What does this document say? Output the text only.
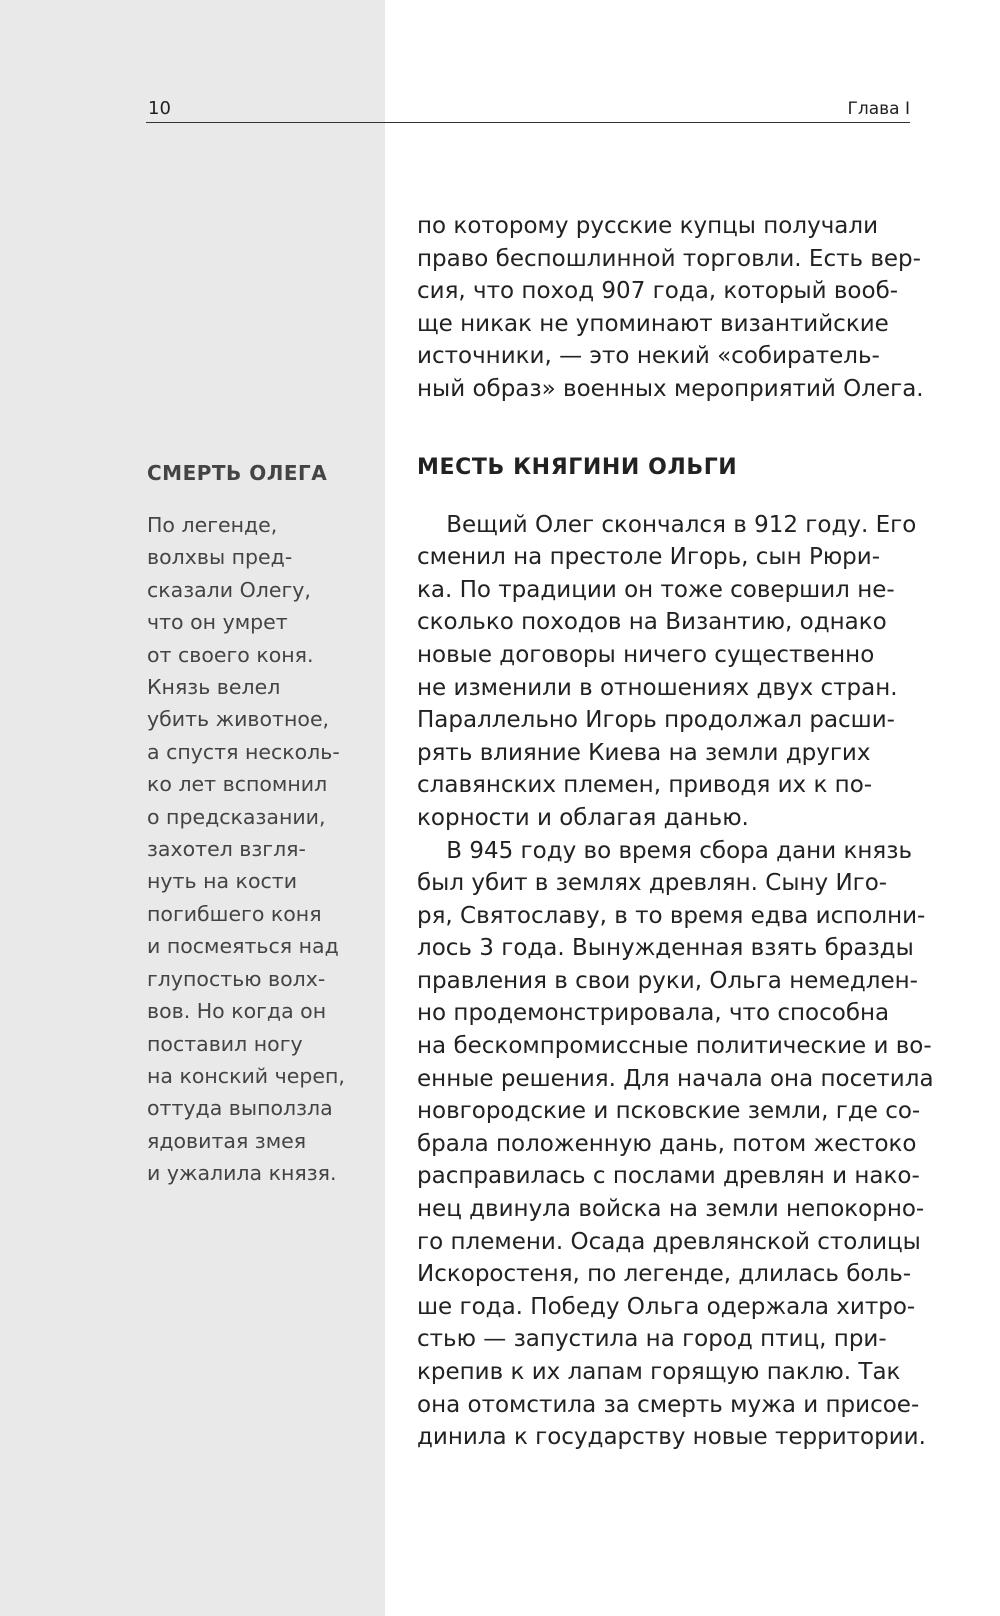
10	Глава I
СМЕРТЬ ОЛЕГА

По легенде,
волхвы пред-
сказали Олегу,
что он умрет
от своего коня.
Князь велел
убить животное,
а спустя несколь-
ко лет вспомнил
о предсказании,
захотел взгля-
нуть на кости
погибшего коня
и посмеяться над
глупостью волх-
вов. Но когда он
поставил ногу
на конский череп,
оттуда выползла
ядовитая змея
и ужалила князя.

по которому русские купцы получали
право беспошлинной торговли. Есть вер-
сия, что поход 907 года, который вооб-
ще никак не упоминают византийские
источники, — это некий «собиратель-
ный образ» военных мероприятий Олега.

МЕСТЬ КНЯГИНИ ОЛЬГИ

Вещий Олег скончался в 912 году. Его
сменил на престоле Игорь, сын Рюри-
ка. По традиции он тоже совершил не-
сколько походов на Византию, однако
новые договоры ничего существенно
не изменили в отношениях двух стран.
Параллельно Игорь продолжал расши-
рять влияние Киева на земли других
славянских племен, приводя их к по-
корности и облагая данью.

В 945 году во время сбора дани князь
был убит в землях древлян. Сыну Иго-
ря, Святославу, в то время едва исполни-
лось 3 года. Вынужденная взять бразды
правления в свои руки, Ольга немедлен-
но продемонстрировала, что способна
на бескомпромиссные политические и во-
енные решения. Для начала она посетила
новгородские и псковские земли, где со-
брала положенную дань, потом жестоко
расправилась с послами древлян и нако-
нец двинула войска на земли непокорно-
го племени. Осада древлянской столицы
Искоростеня, по легенде, длилась боль-
ше года. Победу Ольга одержала хитро-
стью — запустила на город птиц, при-
крепив к их лапам горящую паклю. Так
она отомстила за смерть мужа и присое-
динила к государству новые территории.
